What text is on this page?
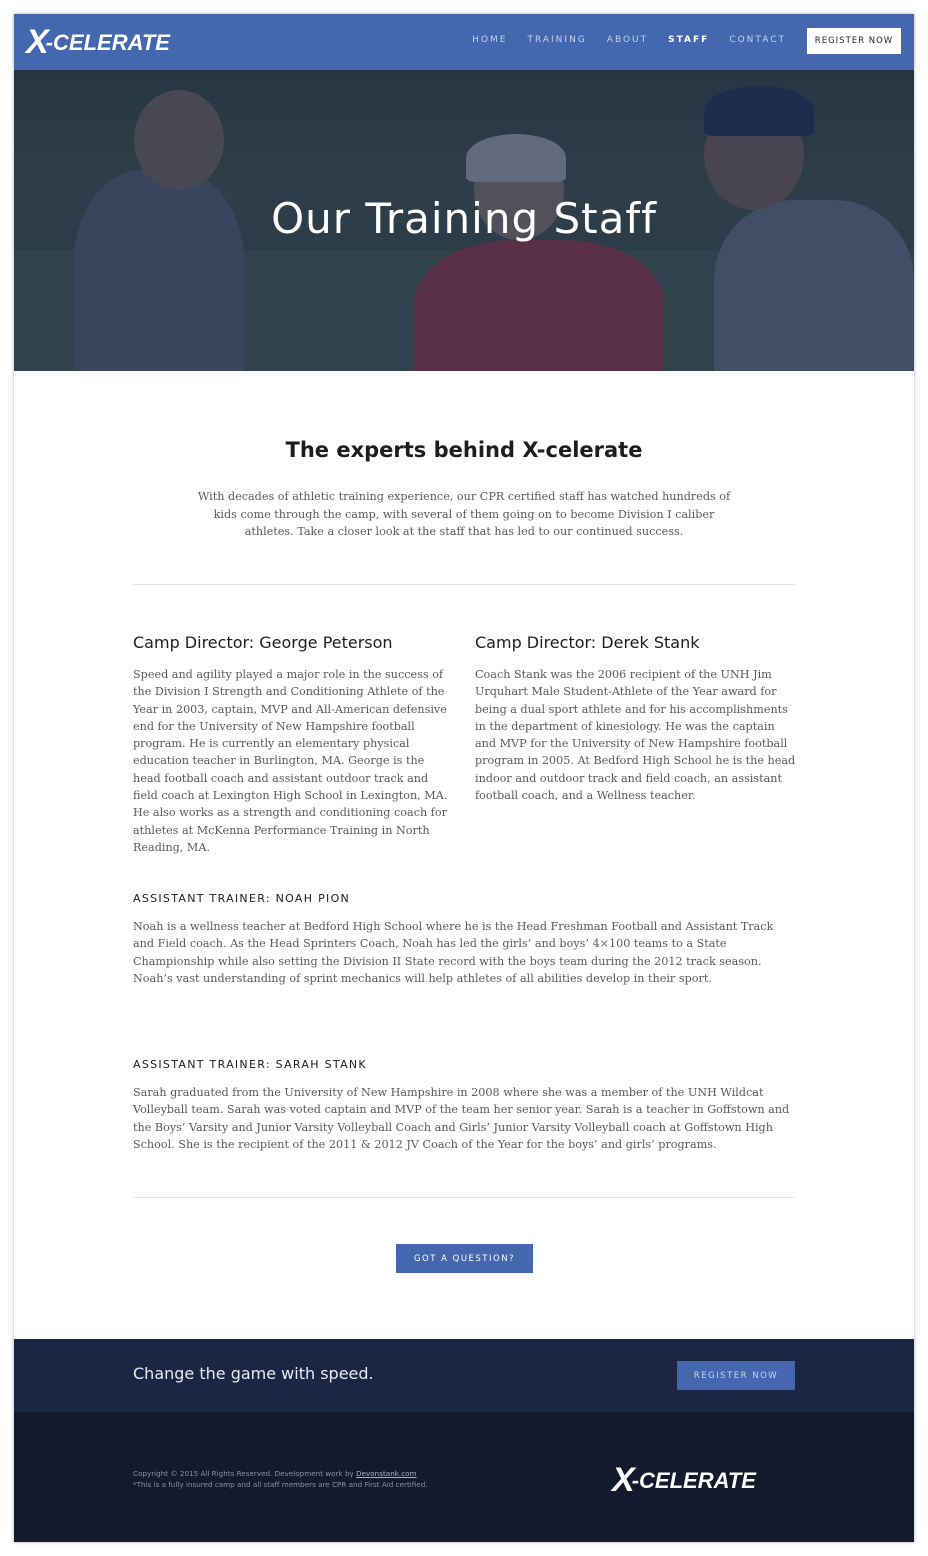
X
-CELERATE	HOME TRAINING ABOUT STAFF CONTACT	REGISTER NOW
Our Training Staff
The experts behind X-celerate

With decades of athletic training experience, our CPR certified staff has watched hundreds of kids come through the camp, with several of them going on to become Division I caliber athletes. Take a closer look at the staff that has led to our continued success.

Camp Director: George Peterson

Speed and agility played a major role in the success of the Division I Strength and Conditioning Athlete of the Year in 2003, captain, MVP and All-American defensive end for the University of New Hampshire football program. He is currently an elementary physical education teacher in Burlington, MA. George is the head football coach and assistant outdoor track and field coach at Lexington High School in Lexington, MA. He also works as a strength and conditioning coach for athletes at McKenna Performance Training in North Reading, MA.

Camp Director: Derek Stank

Coach Stank was the 2006 recipient of the UNH Jim Urquhart Male Student-Athlete of the Year award for being a dual sport athlete and for his accomplishments in the department of kinesiology. He was the captain and MVP for the University of New Hampshire football program in 2005. At Bedford High School he is the head indoor and outdoor track and field coach, an assistant football coach, and a Wellness teacher.

ASSISTANT TRAINER: NOAH PION

Noah is a wellness teacher at Bedford High School where he is the Head Freshman Football and Assistant Track and Field coach. As the Head Sprinters Coach, Noah has led the girls’ and boys’ 4×100 teams to a State Championship while also setting the Division II State record with the boys team during the 2012 track season. Noah’s vast understanding of sprint mechanics will help athletes of all abilities develop in their sport.

ASSISTANT TRAINER: SARAH STANK

Sarah graduated from the University of New Hampshire in 2008 where she was a member of the UNH Wildcat Volleyball team. Sarah was voted captain and MVP of the team her senior year. Sarah is a teacher in Goffstown and the Boys’ Varsity and Junior Varsity Volleyball Coach and Girls’ Junior Varsity Volleyball coach at Goffstown High School. She is the recipient of the 2011 & 2012 JV Coach of the Year for the boys’ and girls’ programs.

GOT A QUESTION?

Change the game with speed.	REGISTER NOW
Copyright © 2015 All Rights Reserved. Development work by Devonstank.com
*This is a fully insured camp and all staff members are CPR and First Aid certified.	X
-CELERATE
